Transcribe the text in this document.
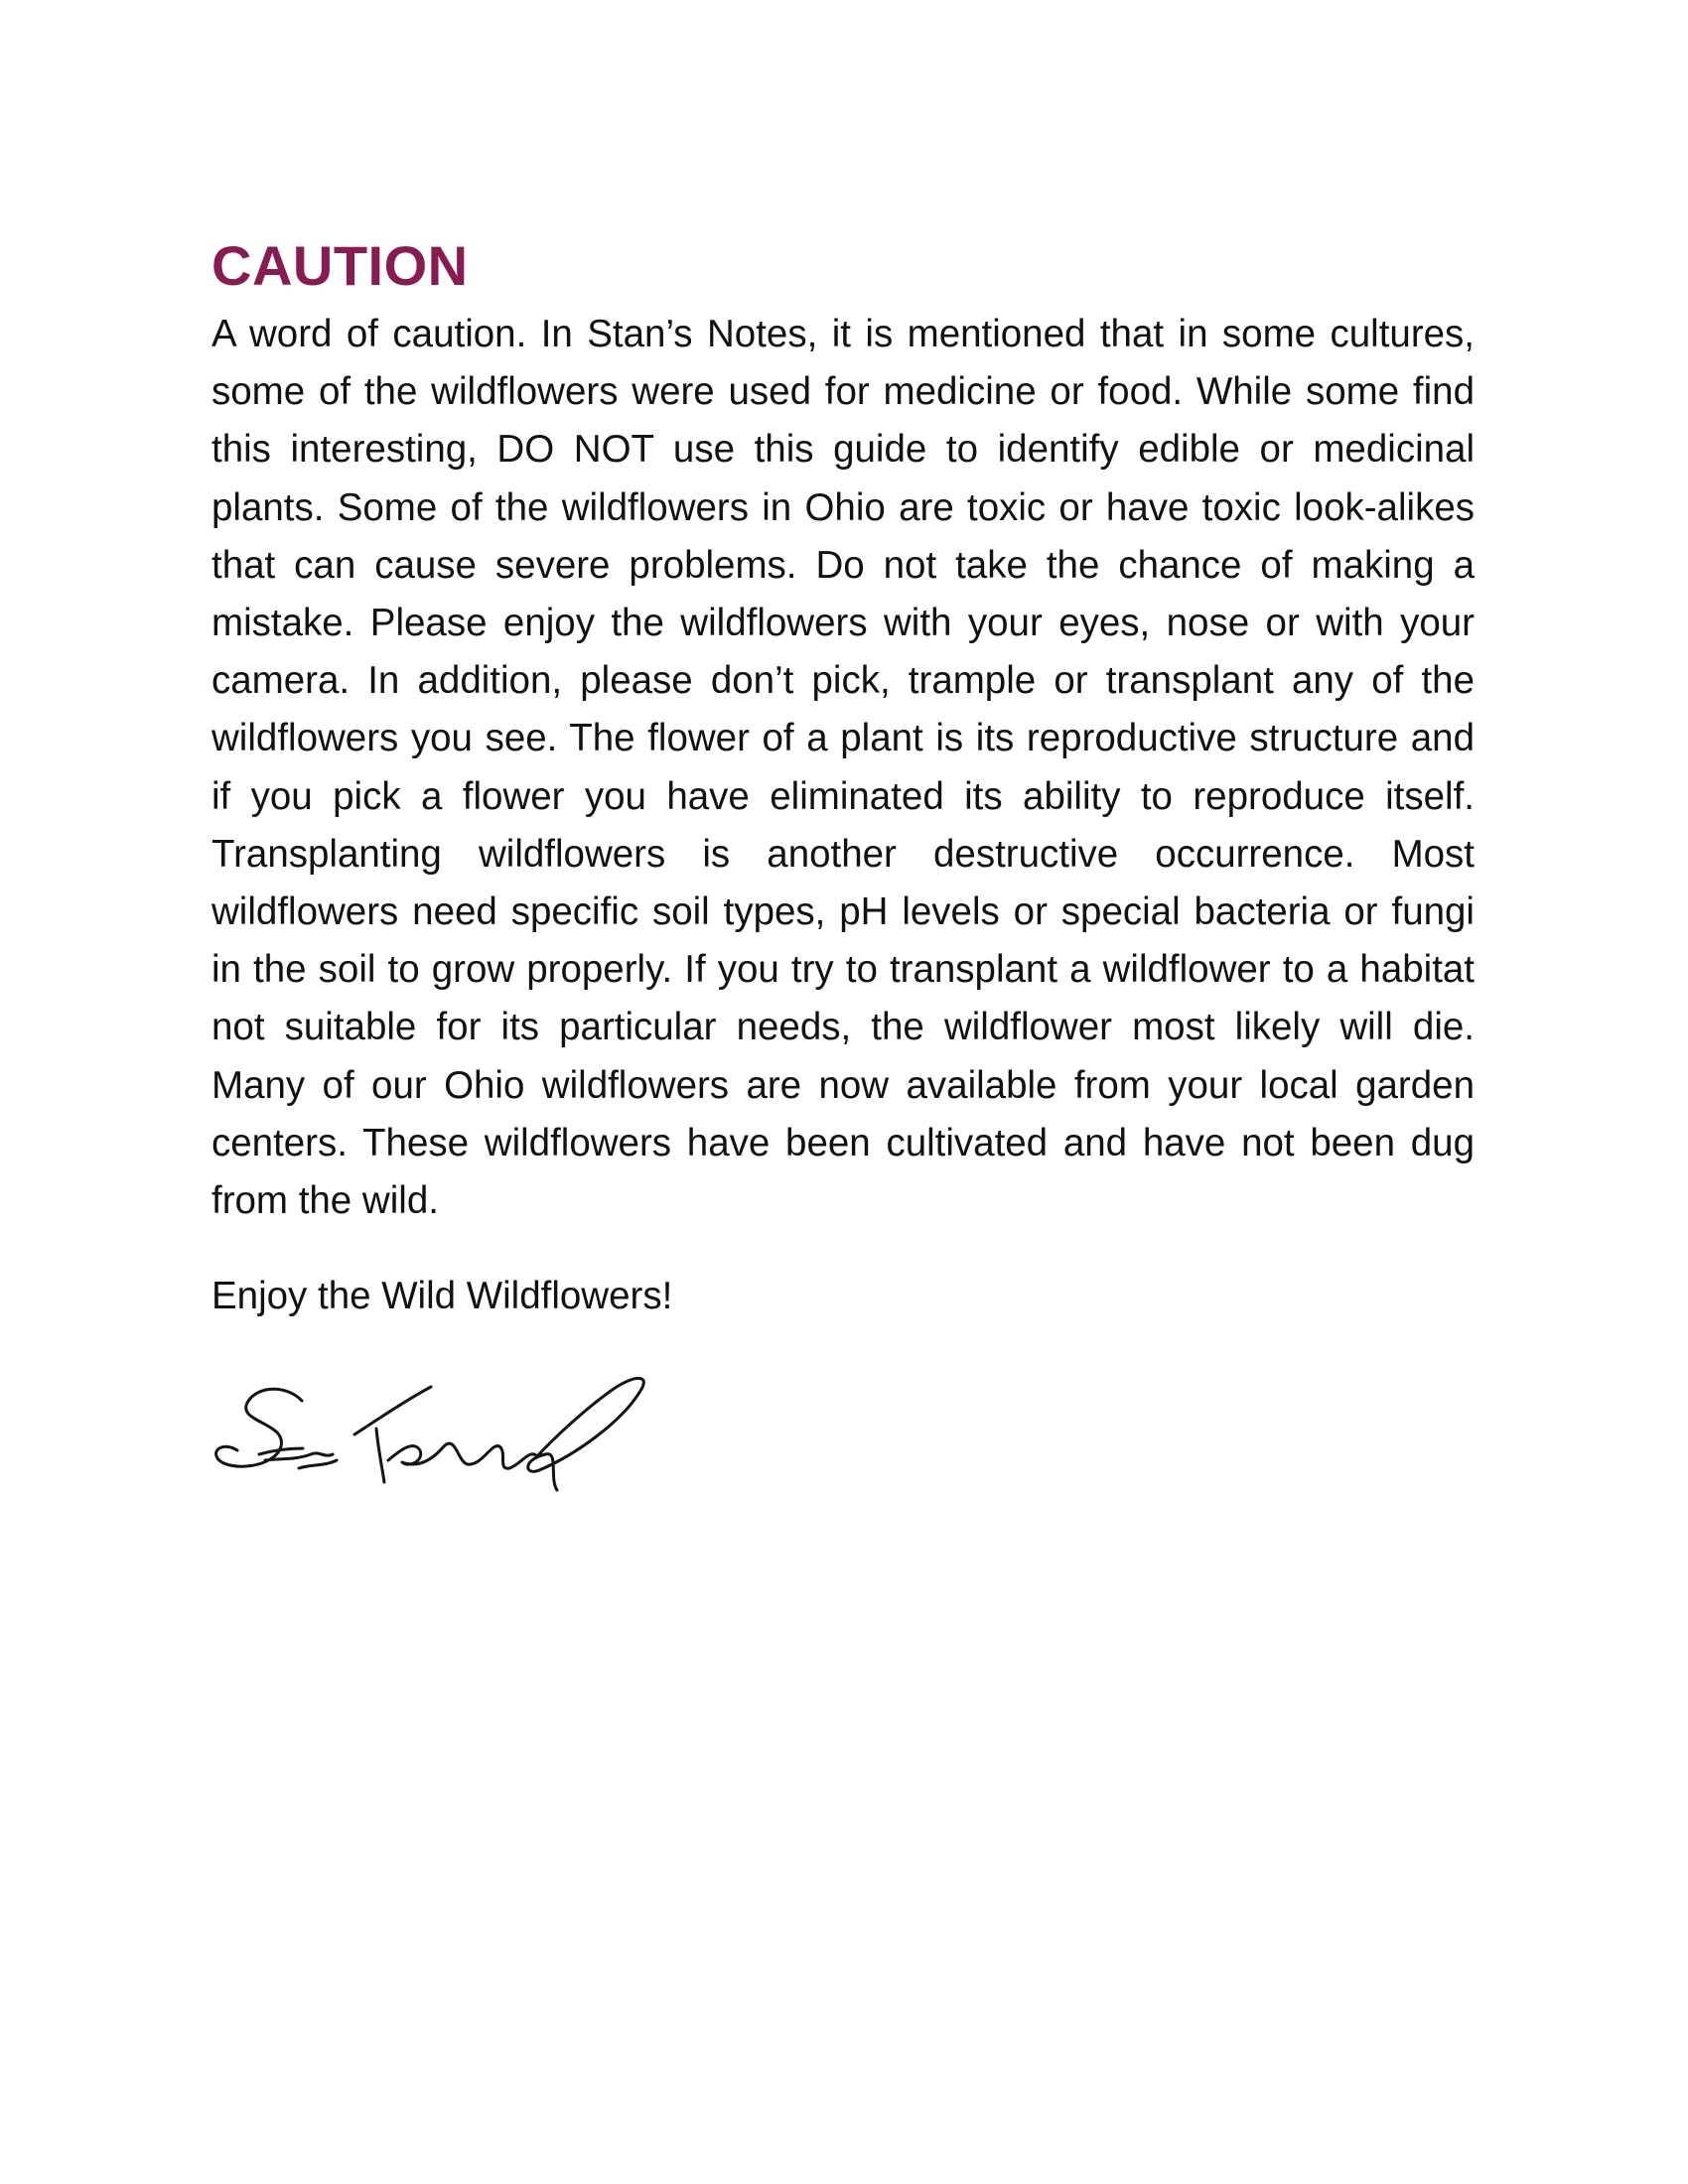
CAUTION

A word of caution. In Stan’s Notes, it is mentioned that in some cultures, some of the wildflowers were used for medicine or food. While some find this interesting, DO NOT use this guide to identify edible or medicinal plants. Some of the wildflowers in Ohio are toxic or have toxic look-alikes that can cause severe problems. Do not take the chance of making a mistake. Please enjoy the wildflowers with your eyes, nose or with your camera. In addition, please don’t pick, trample or transplant any of the wildflowers you see. The flower of a plant is its reproductive structure and if you pick a flower you have eliminated its ability to reproduce itself. Transplanting wildflowers is another destructive occurrence. Most wildflowers need specific soil types, pH levels or special bacteria or fungi in the soil to grow properly. If you try to transplant a wildflower to a habitat not suitable for its particular needs, the wildflower most likely will die. Many of our Ohio wildflowers are now available from your local garden centers. These wildflowers have been cultivated and have not been dug from the wild.

Enjoy the Wild Wildflowers!
